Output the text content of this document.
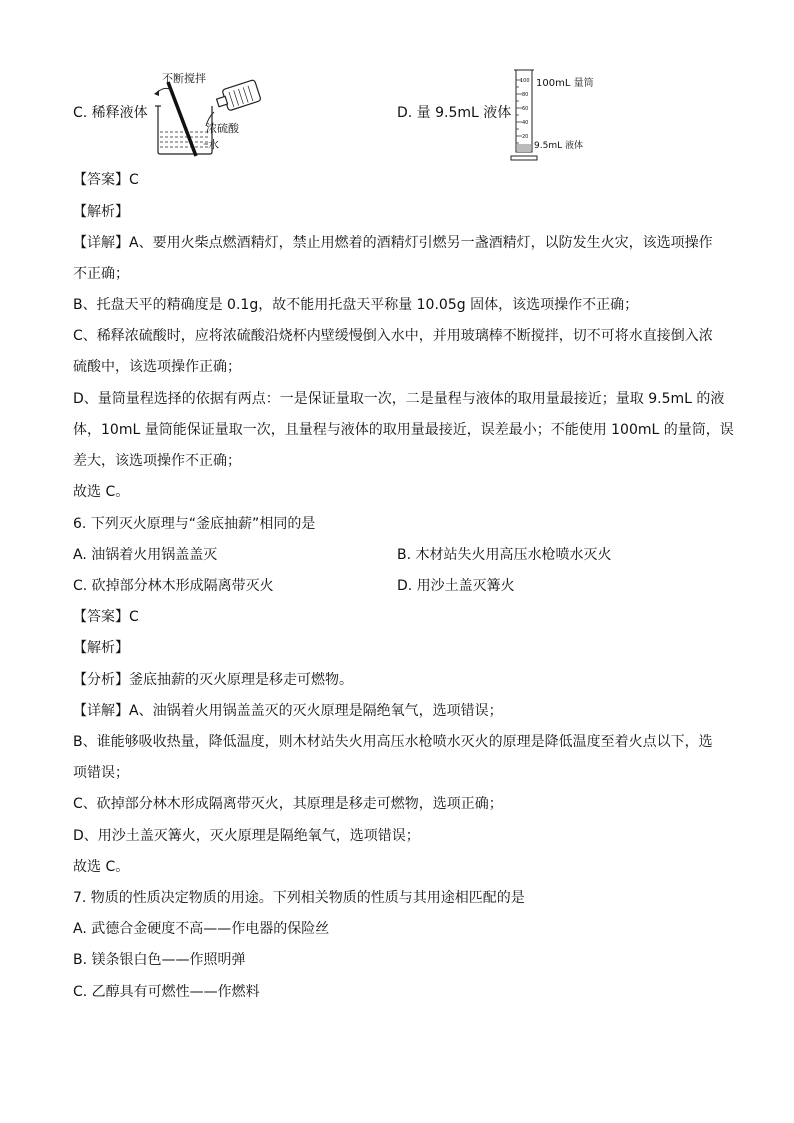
C. 稀释液体
不断搅拌
浓硫酸
水
D. 量 9.5mL 液体
100
80
60
40
20
100mL 量筒
9.5mL 液体
【答案】C
【解析】
【详解】A、要用火柴点燃酒精灯，禁止用燃着的酒精灯引燃另一盏酒精灯，以防发生火灾，该选项操作
不正确；
B、托盘天平的精确度是 0.1g，故不能用托盘天平称量 10.05g 固体，该选项操作不正确；
C、稀释浓硫酸时，应将浓硫酸沿烧杯内壁缓慢倒入水中，并用玻璃棒不断搅拌，切不可将水直接倒入浓
硫酸中，该选项操作正确；
D、量筒量程选择的依据有两点：一是保证量取一次，二是量程与液体的取用量最接近；量取 9.5mL 的液
体，10mL 量筒能保证量取一次，且量程与液体的取用量最接近，误差最小；不能使用 100mL 的量筒，误
差大，该选项操作不正确；
故选 C。
6. 下列灭火原理与“釜底抽薪”相同的是
A. 油锅着火用锅盖盖灭	B. 木材站失火用高压水枪喷水灭火
C. 砍掉部分林木形成隔离带灭火	D. 用沙土盖灭篝火
【答案】C
【解析】
【分析】釜底抽薪的灭火原理是移走可燃物。
【详解】A、油锅着火用锅盖盖灭的灭火原理是隔绝氧气，选项错误；
B、谁能够吸收热量，降低温度，则木材站失火用高压水枪喷水灭火的原理是降低温度至着火点以下，选
项错误；
C、砍掉部分林木形成隔离带灭火，其原理是移走可燃物，选项正确；
D、用沙土盖灭篝火，灭火原理是隔绝氧气，选项错误；
故选 C。
7. 物质的性质决定物质的用途。下列相关物质的性质与其用途相匹配的是
A. 武德合金硬度不高——作电器的保险丝
B. 镁条银白色——作照明弹
C. 乙醇具有可燃性——作燃料
